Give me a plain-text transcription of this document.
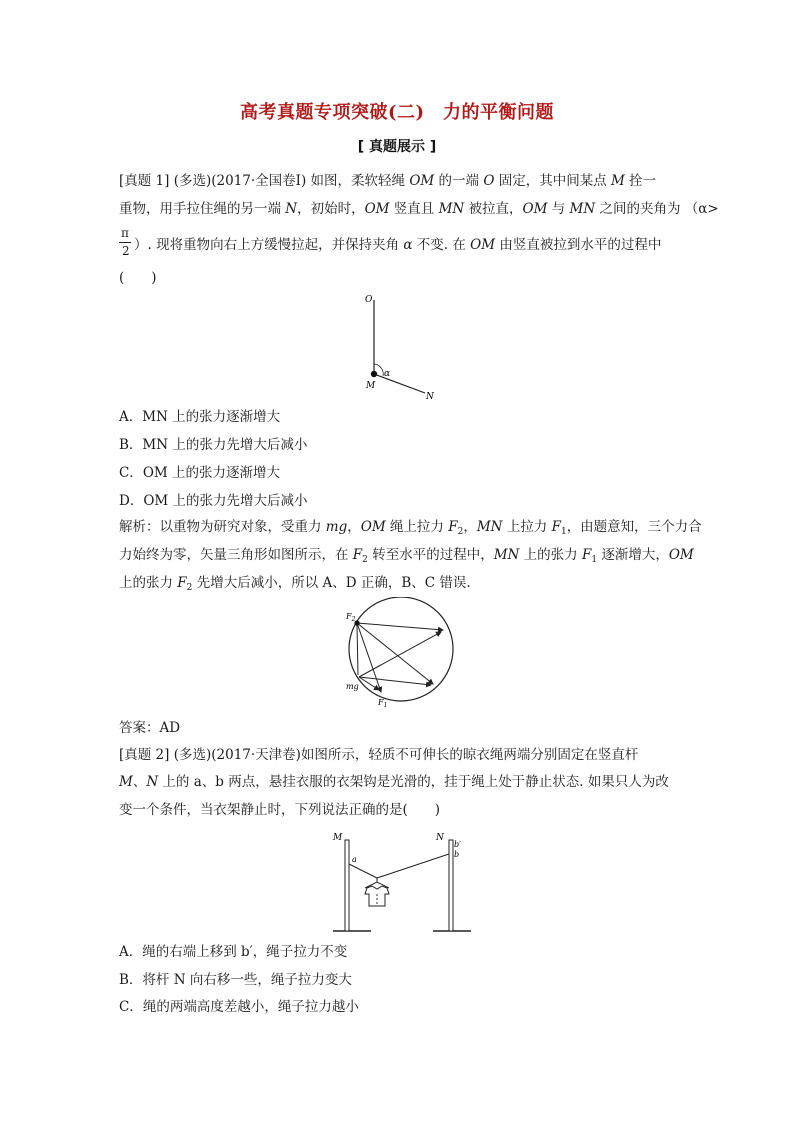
高考真题专项突破(二)　力的平衡问题
[ 真题展示 ]
[真题 1] (多选)(2017·全国卷Ⅰ) 如图，柔软轻绳 OM 的一端 O 固定，其中间某点 M 拴一
重物，用手拉住绳的另一端 N，初始时，OM 竖直且 MN 被拉直，OM 与 MN 之间的夹角为 （α>
π
2 ）. 现将重物向右上方缓慢拉起，并保持夹角 α 不变. 在 OM 由竖直被拉到水平的过程中
(　　)
O
M
N
α
A．MN 上的张力逐渐增大
B．MN 上的张力先增大后减小
C．OM 上的张力逐渐增大
D．OM 上的张力先增大后减小
解析：以重物为研究对象，受重力 mg，OM 绳上拉力 $F_2$，MN 上拉力 $F_1$，由题意知，三个力合
力始终为零，矢量三角形如图所示，在 $F_2$ 转至水平的过程中，MN 上的张力 $F_1$ 逐渐增大，OM
上的张力 $F_2$ 先增大后减小，所以 A、D 正确，B、C 错误.
$F_2$
mg
$F_1$
答案：AD
[真题 2] (多选)(2017·天津卷)如图所示，轻质不可伸长的晾衣绳两端分别固定在竖直杆
M、N 上的 a、b 两点，悬挂衣服的衣架钩是光滑的，挂于绳上处于静止状态. 如果只人为改
变一个条件，当衣架静止时，下列说法正确的是(　　)
M	N
a
b′
b
A．绳的右端上移到 b′，绳子拉力不变
B．将杆 N 向右移一些，绳子拉力变大
C．绳的两端高度差越小，绳子拉力越小
